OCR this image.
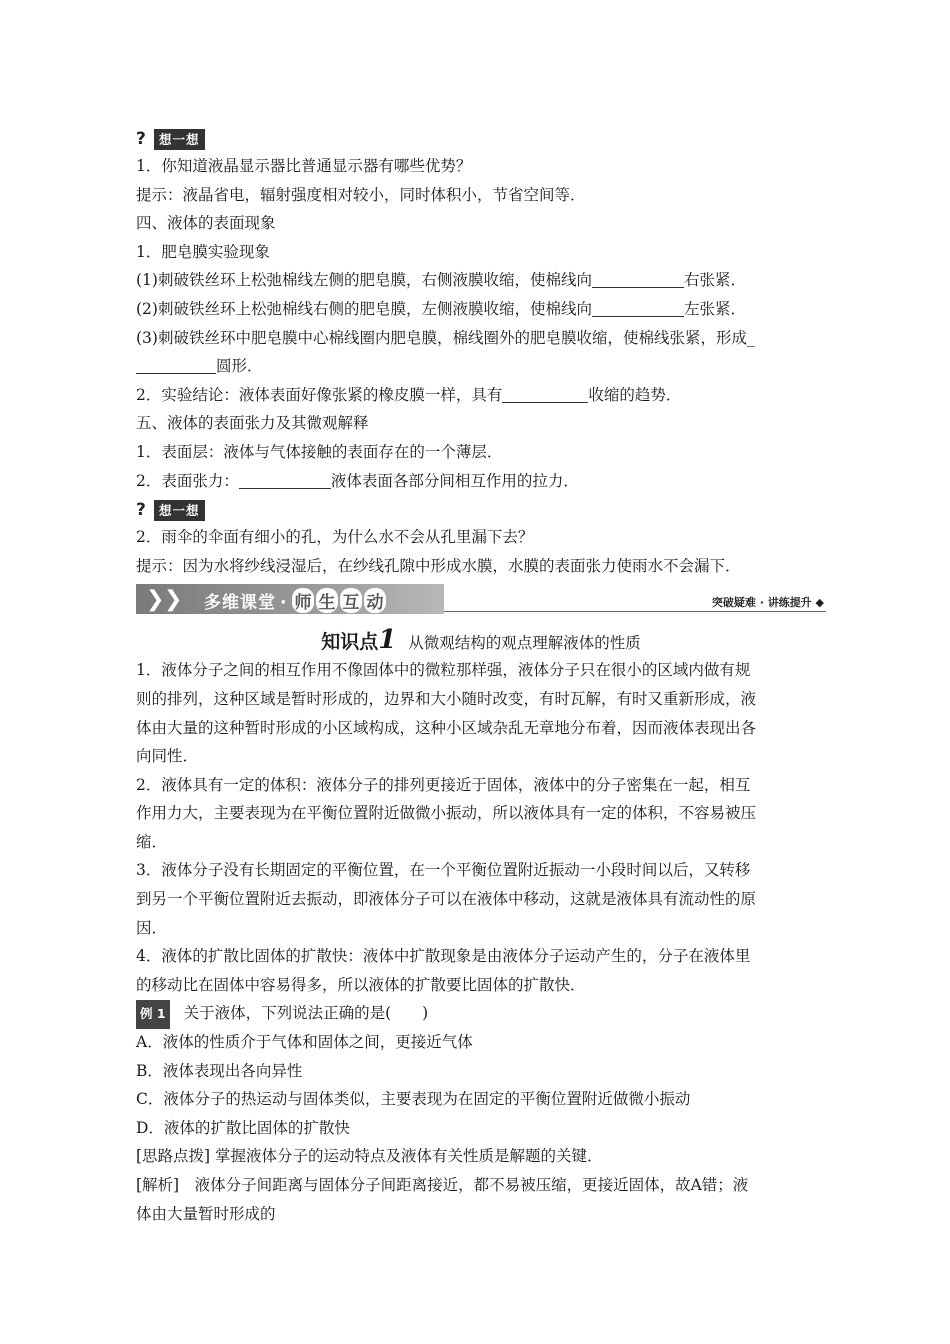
?	想一想
1．你知道液晶显示器比普通显示器有哪些优势？
提示：液晶省电，辐射强度相对较小，同时体积小，节省空间等．
四、液体的表面现象
1．肥皂膜实验现象
(1)刺破铁丝环上松弛棉线左侧的肥皂膜，右侧液膜收缩，使棉线向	右张紧．
(2)刺破铁丝环上松弛棉线右侧的肥皂膜，左侧液膜收缩，使棉线向	左张紧．
(3)刺破铁丝环中肥皂膜中心棉线圈内肥皂膜，棉线圈外的肥皂膜收缩，使棉线张紧，形成_
圆形．
2．实验结论：液体表面好像张紧的橡皮膜一样，具有	收缩的趋势．
五、液体的表面张力及其微观解释
1．表面层：液体与气体接触的表面存在的一个薄层．
2．表面张力：	液体表面各部分间相互作用的拉力．
?	想一想
2．雨伞的伞面有细小的孔，为什么水不会从孔里漏下去？
提示：因为水将纱线浸湿后，在纱线孔隙中形成水膜，水膜的表面张力使雨水不会漏下．
❯ ❯ 多维课堂 · 师 生 互 动	突破疑难 · 讲练提升 ◆
知识点1 从微观结构的观点理解液体的性质
1．液体分子之间的相互作用不像固体中的微粒那样强，液体分子只在很小的区域内做有规
则的排列，这种区域是暂时形成的，边界和大小随时改变，有时瓦解，有时又重新形成，液
体由大量的这种暂时形成的小区域构成，这种小区域杂乱无章地分布着，因而液体表现出各
向同性．
2．液体具有一定的体积：液体分子的排列更接近于固体，液体中的分子密集在一起，相互
作用力大，主要表现为在平衡位置附近做微小振动，所以液体具有一定的体积，不容易被压
缩．
3．液体分子没有长期固定的平衡位置，在一个平衡位置附近振动一小段时间以后，又转移
到另一个平衡位置附近去振动，即液体分子可以在液体中移动，这就是液体具有流动性的原
因．
4．液体的扩散比固体的扩散快：液体中扩散现象是由液体分子运动产生的，分子在液体里
的移动比在固体中容易得多，所以液体的扩散要比固体的扩散快．
例 1 关于液体，下列说法正确的是(　　)
A．液体的性质介于气体和固体之间，更接近气体
B．液体表现出各向异性
C．液体分子的热运动与固体类似，主要表现为在固定的平衡位置附近做微小振动
D．液体的扩散比固体的扩散快
[思路点拨] 掌握液体分子的运动特点及液体有关性质是解题的关键．
[解析]　液体分子间距离与固体分子间距离接近，都不易被压缩，更接近固体，故A错；液
体由大量暂时形成的
